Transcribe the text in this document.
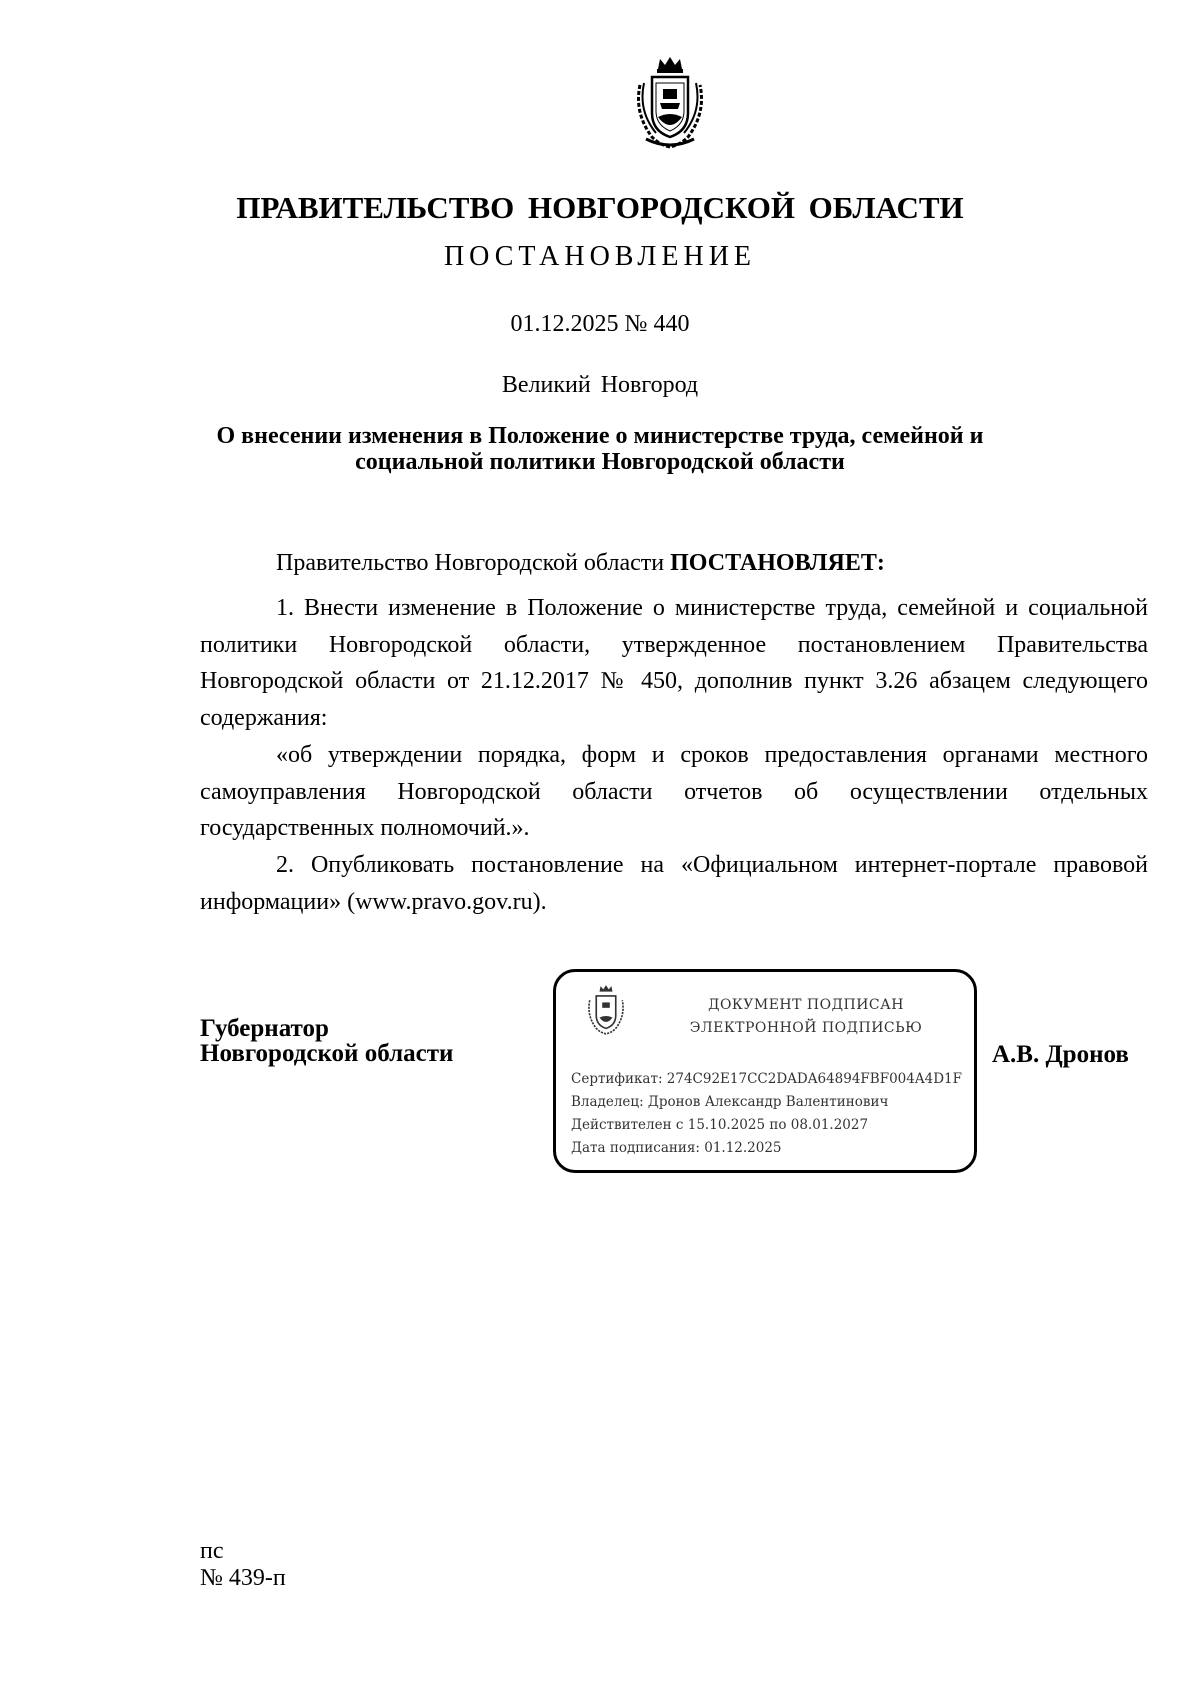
ПРАВИТЕЛЬСТВО НОВГОРОДСКОЙ ОБЛАСТИ
ПОСТАНОВЛЕНИЕ
01.12.2025 № 440
Великий Новгород
О внесении изменения в Положение о министерстве труда, семейной и
социальной политики Новгородской области

Правительство Новгородской области ПОСТАНОВЛЯЕТ:

1. Внести изменение в Положение о министерстве труда, семейной и социальной политики Новгородской области, утвержденное постановлением Правительства Новгородской области от 21.12.2017 № 450, дополнив пункт 3.26 абзацем следующего содержания:

«об утверждении порядка, форм и сроков предоставления органами местного самоуправления Новгородской области отчетов об осуществлении отдельных государственных полномочий.».

2. Опубликовать постановление на «Официальном интернет-портале правовой информации» (www.pravo.gov.ru).

Губернатор
Новгородской области
ДОКУМЕНТ ПОДПИСАН
ЭЛЕКТРОННОЙ ПОДПИСЬЮ
Сертификат: 274C92E17CC2DADA64894FBF004A4D1F
Владелец: Дронов Александр Валентинович
Действителен с 15.10.2025 по 08.01.2027
Дата подписания: 01.12.2025
А.В. Дронов
пс
№ 439-п
